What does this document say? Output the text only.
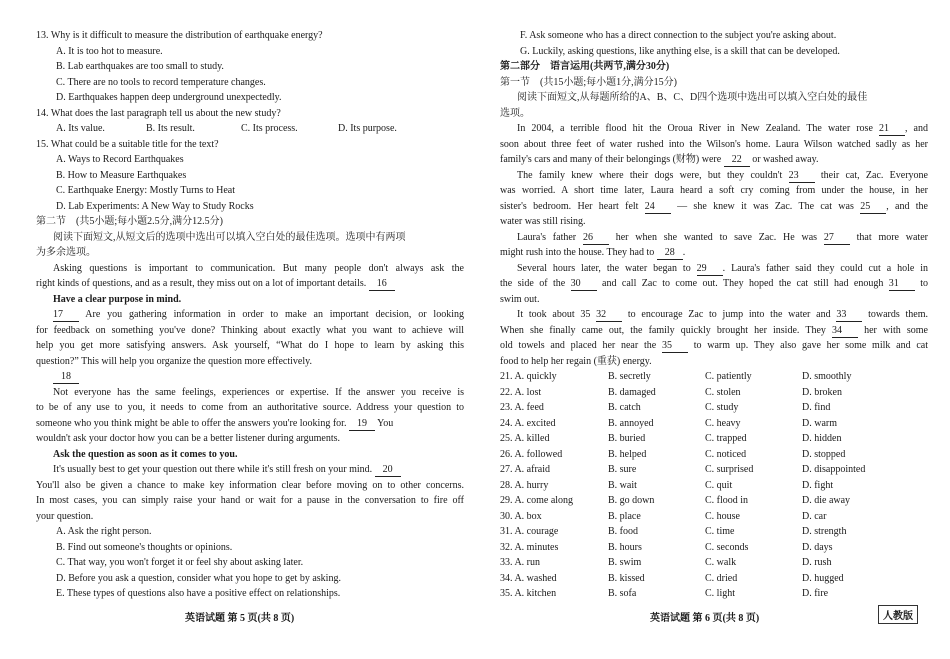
13. Why is it difficult to measure the distribution of earthquake energy?
A. It is too hot to measure.
B. Lab earthquakes are too small to study.
C. There are no tools to record temperature changes.
D. Earthquakes happen deep underground unexpectedly.
14. What does the last paragraph tell us about the new study?
A. Its value.	B. Its result.	C. Its process.	D. Its purpose.
15. What could be a suitable title for the text?
A. Ways to Record Earthquakes
B. How to Measure Earthquakes
C. Earthquake Energy: Mostly Turns to Heat
D. Lab Experiments: A New Way to Study Rocks
第二节　(共5小题;每小题2.5分,满分12.5分)
阅读下面短文,从短文后的选项中选出可以填入空白处的最佳选项。选项中有两项
为多余选项。
Asking questions is important to communication. But many people don't always ask the
right kinds of questions, and as a result, they miss out on a lot of important details. 16
Have a clear purpose in mind.
17 Are you gathering information in order to make an important decision, or looking
for feedback on something you've done? Thinking about exactly what you want to achieve will
help you get more satisfying answers. Ask yourself, “What do I hope to learn by asking this
question?” This will help you organize the question more effectively.
18
Not everyone has the same feelings, experiences or expertise. If the answer you receive is
to be of any use to you, it needs to come from an authoritative source. Address your question to
someone who you think might be able to offer the answers you're looking for. 19 You
wouldn't ask your doctor how you can be a better listener during arguments.
Ask the question as soon as it comes to you.
It's usually best to get your question out there while it's still fresh on your mind. 20
You'll also be given a chance to make key information clear before moving on to other concerns.
In most cases, you can simply raise your hand or wait for a pause in the conversation to fire off
your question.
A. Ask the right person.
B. Find out someone's thoughts or opinions.
C. That way, you won't forget it or feel shy about asking later.
D. Before you ask a question, consider what you hope to get by asking.
E. These types of questions also have a positive effect on relationships.
F. Ask someone who has a direct connection to the subject you're asking about.
G. Luckily, asking questions, like anything else, is a skill that can be developed.
第二部分　语言运用(共两节,满分30分)
第一节　(共15小题;每小题1分,满分15分)
阅读下面短文,从每题所给的A、B、C、D四个选项中选出可以填入空白处的最佳
选项。
In 2004, a terrible flood hit the Oroua River in New Zealand. The water rose 21 , and
soon about three feet of water rushed into the Wilson's home. Laura Wilson watched sadly as her
family's cars and many of their belongings (财物) were 22 or washed away.
The family knew where their dogs were, but they couldn't 23 their cat, Zac. Everyone
was worried. A short time later, Laura heard a soft cry coming from under the house, in her
sister's bedroom. Her heart felt 24 — she knew it was Zac. The cat was 25 , and the
water was still rising.
Laura's father 26 her when she wanted to save Zac. He was 27 that more water
might rush into the house. They had to 28 .
Several hours later, the water began to 29 . Laura's father said they could cut a hole in
the side of the 30 and call Zac to come out. They hoped the cat still had enough 31 to
swim out.
It took about 35 32 to encourage Zac to jump into the water and 33 towards them.
When she finally came out, the family quickly brought her inside. They 34 her with some
old towels and placed her near the 35 to warm up. They also gave her some milk and cat
food to help her regain (重获) energy.
21. A. quickly	B. secretly	C. patiently	D. smoothly
22. A. lost	B. damaged	C. stolen	D. broken
23. A. feed	B. catch	C. study	D. find
24. A. excited	B. annoyed	C. heavy	D. warm
25. A. killed	B. buried	C. trapped	D. hidden
26. A. followed	B. helped	C. noticed	D. stopped
27. A. afraid	B. sure	C. surprised	D. disappointed
28. A. hurry	B. wait	C. quit	D. fight
29. A. come along	B. go down	C. flood in	D. die away
30. A. box	B. place	C. house	D. car
31. A. courage	B. food	C. time	D. strength
32. A. minutes	B. hours	C. seconds	D. days
33. A. run	B. swim	C. walk	D. rush
34. A. washed	B. kissed	C. dried	D. hugged
35. A. kitchen	B. sofa	C. light	D. fire
英语试题 第 5 页(共 8 页)	英语试题 第 6 页(共 8 页)	人教版
